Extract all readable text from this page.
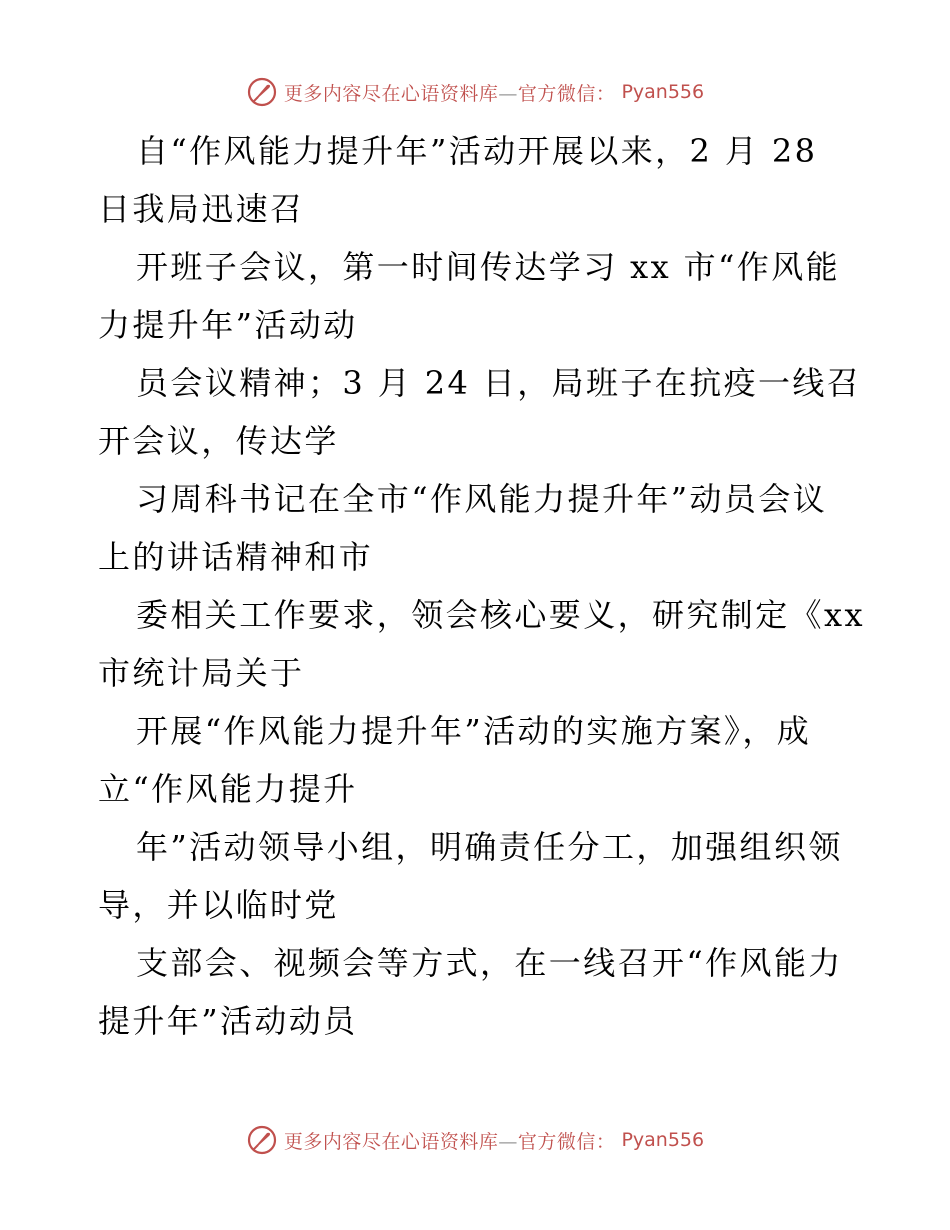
更多内容尽在心语资料库—官方微信： Pyan556
自“作风能力提升年”活动开展以来，2 月 28
日我局迅速召
开班子会议，第一时间传达学习 xx 市“作风能
力提升年”活动动
员会议精神；3 月 24 日，局班子在抗疫一线召
开会议，传达学
习周科书记在全市“作风能力提升年”动员会议
上的讲话精神和市
委相关工作要求，领会核心要义，研究制定《xx
市统计局关于
开展“作风能力提升年”活动的实施方案》，成
立“作风能力提升
年”活动领导小组，明确责任分工，加强组织领
导，并以临时党
支部会、视频会等方式，在一线召开“作风能力
提升年”活动动员
更多内容尽在心语资料库—官方微信： Pyan556
